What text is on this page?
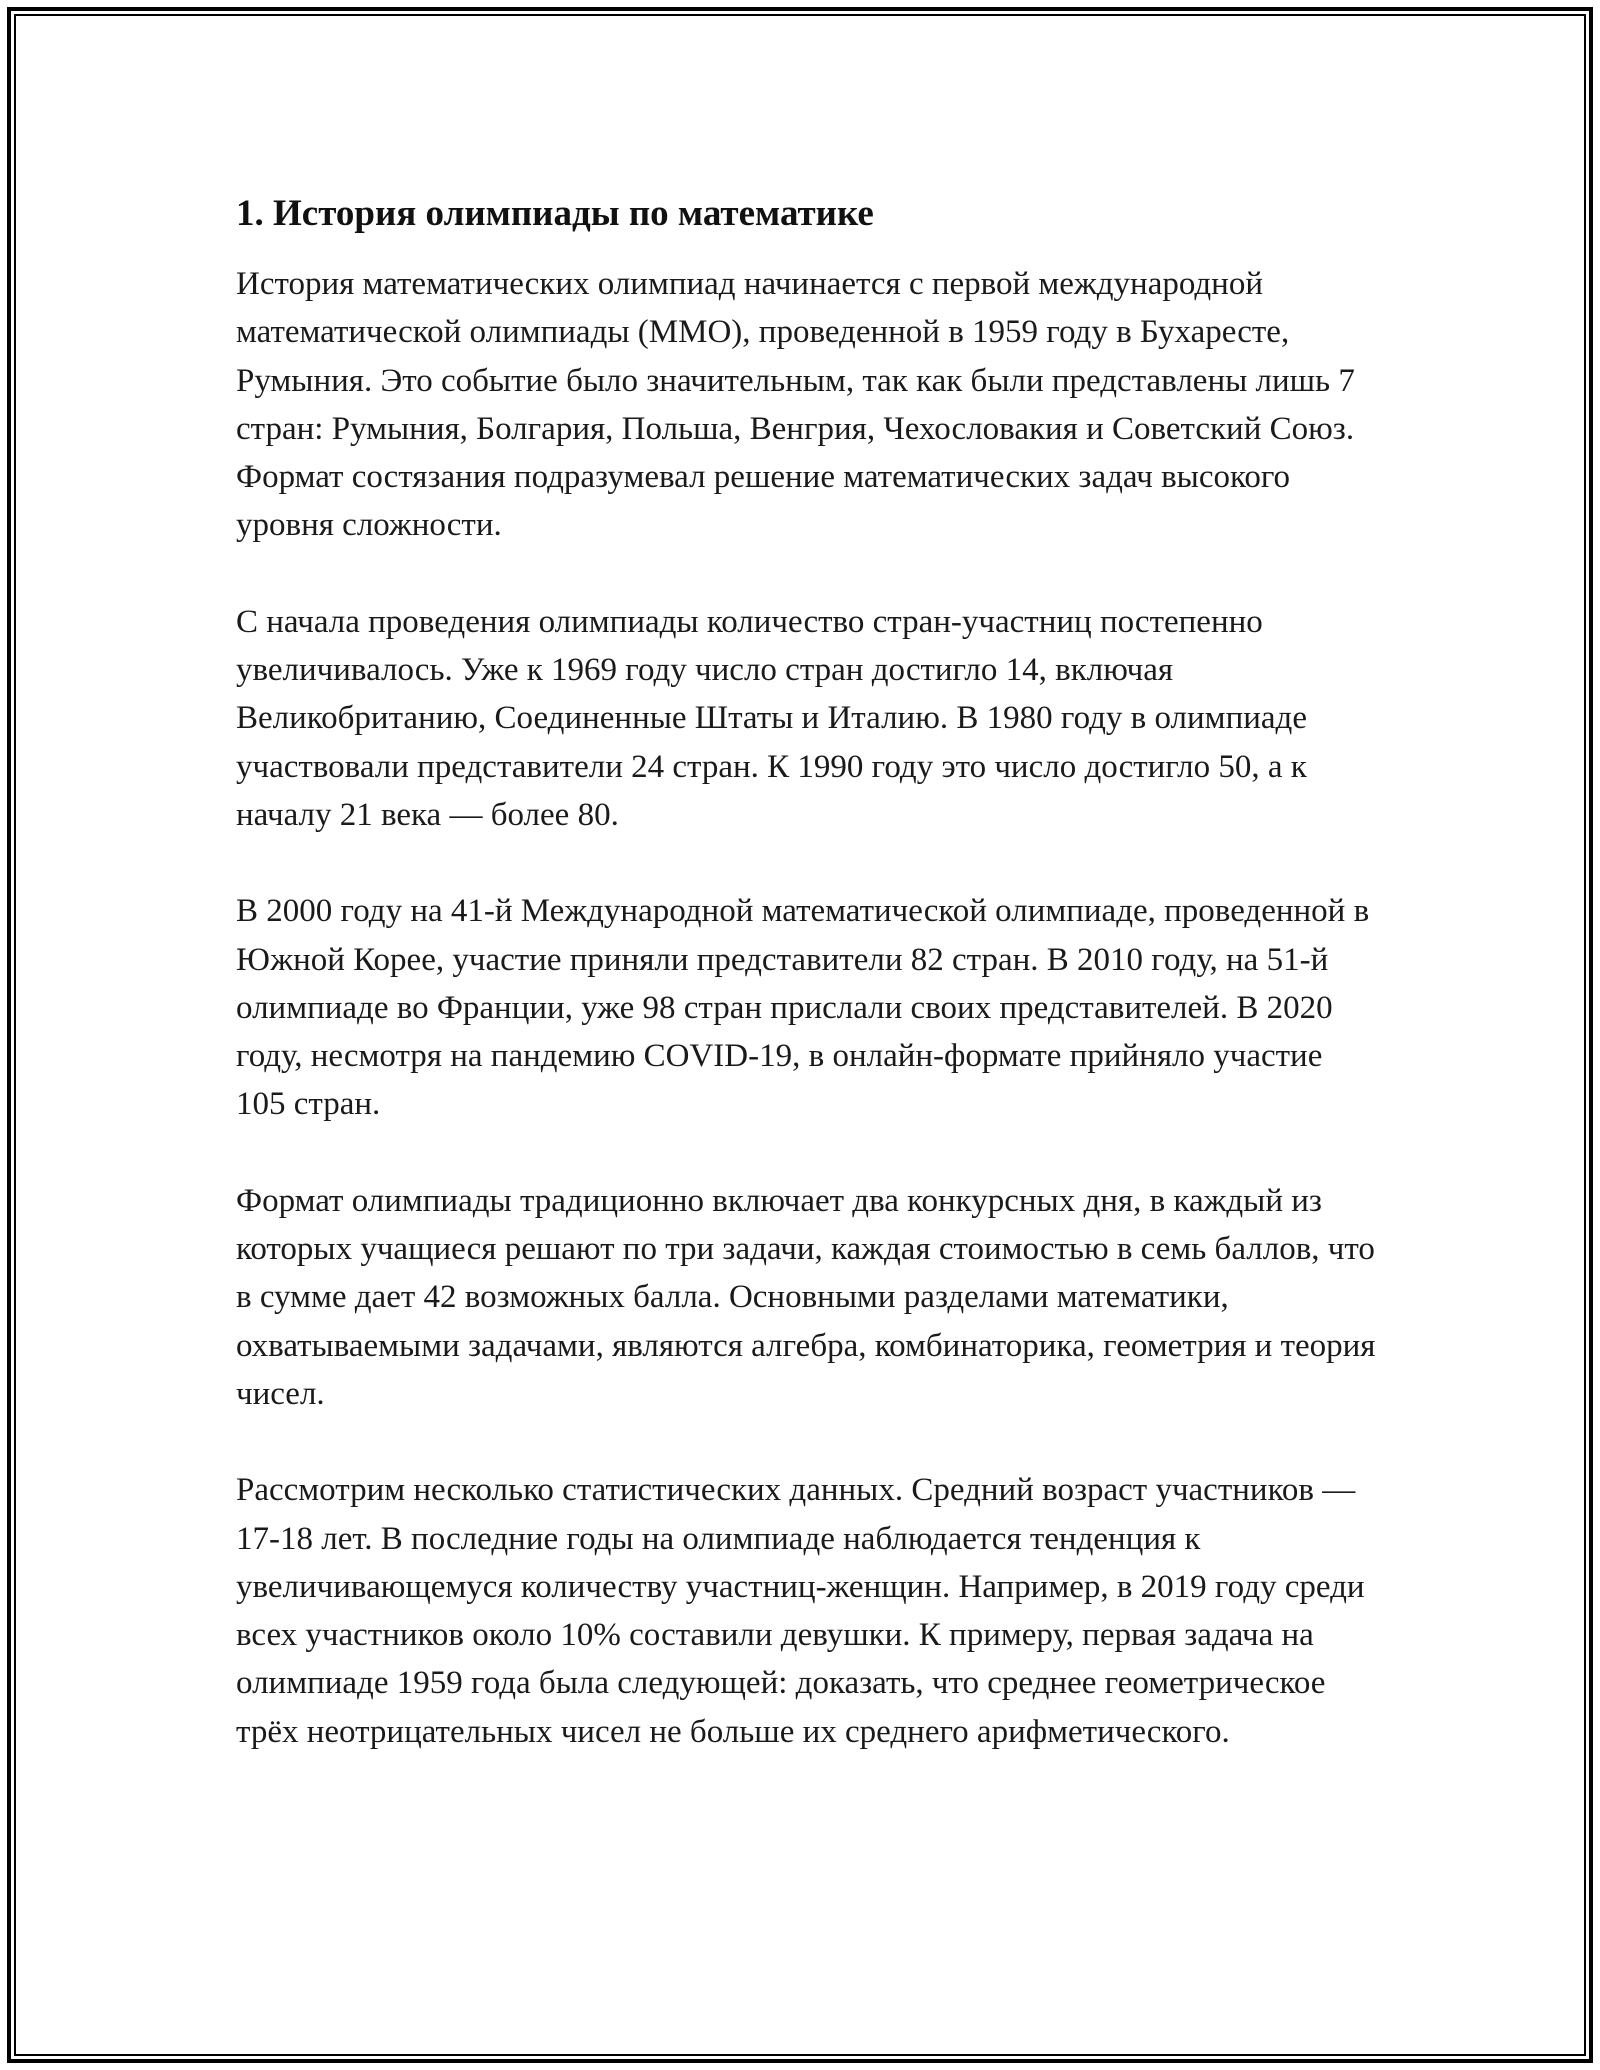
1. История олимпиады по математике

История математических олимпиад начинается с первой международной математической олимпиады (ММО), проведенной в 1959 году в Бухаресте, Румыния. Это событие было значительным, так как были представлены лишь 7 стран: Румыния, Болгария, Польша, Венгрия, Чехословакия и Советский Союз. Формат состязания подразумевал решение математических задач высокого уровня сложности.

С начала проведения олимпиады количество стран-участниц постепенно увеличивалось. Уже к 1969 году число стран достигло 14, включая Великобританию, Соединенные Штаты и Италию. В 1980 году в олимпиаде участвовали представители 24 стран. К 1990 году это число достигло 50, а к началу 21 века — более 80.

В 2000 году на 41-й Международной математической олимпиаде, проведенной в Южной Корее, участие приняли представители 82 стран. В 2010 году, на 51-й олимпиаде во Франции, уже 98 стран прислали своих представителей. В 2020 году, несмотря на пандемию COVID-19, в онлайн-формате прийняло участие 105 стран.

Формат олимпиады традиционно включает два конкурсных дня, в каждый из которых учащиеся решают по три задачи, каждая стоимостью в семь баллов, что в сумме дает 42 возможных балла. Основными разделами математики, охватываемыми задачами, являются алгебра, комбинаторика, геометрия и теория чисел.

Рассмотрим несколько статистических данных. Средний возраст участников — 17-18 лет. В последние годы на олимпиаде наблюдается тенденция к увеличивающемуся количеству участниц-женщин. Например, в 2019 году среди всех участников около 10% составили девушки. К примеру, первая задача на олимпиаде 1959 года была следующей: доказать, что среднее геометрическое трёх неотрицательных чисел не больше их среднего арифметического.
